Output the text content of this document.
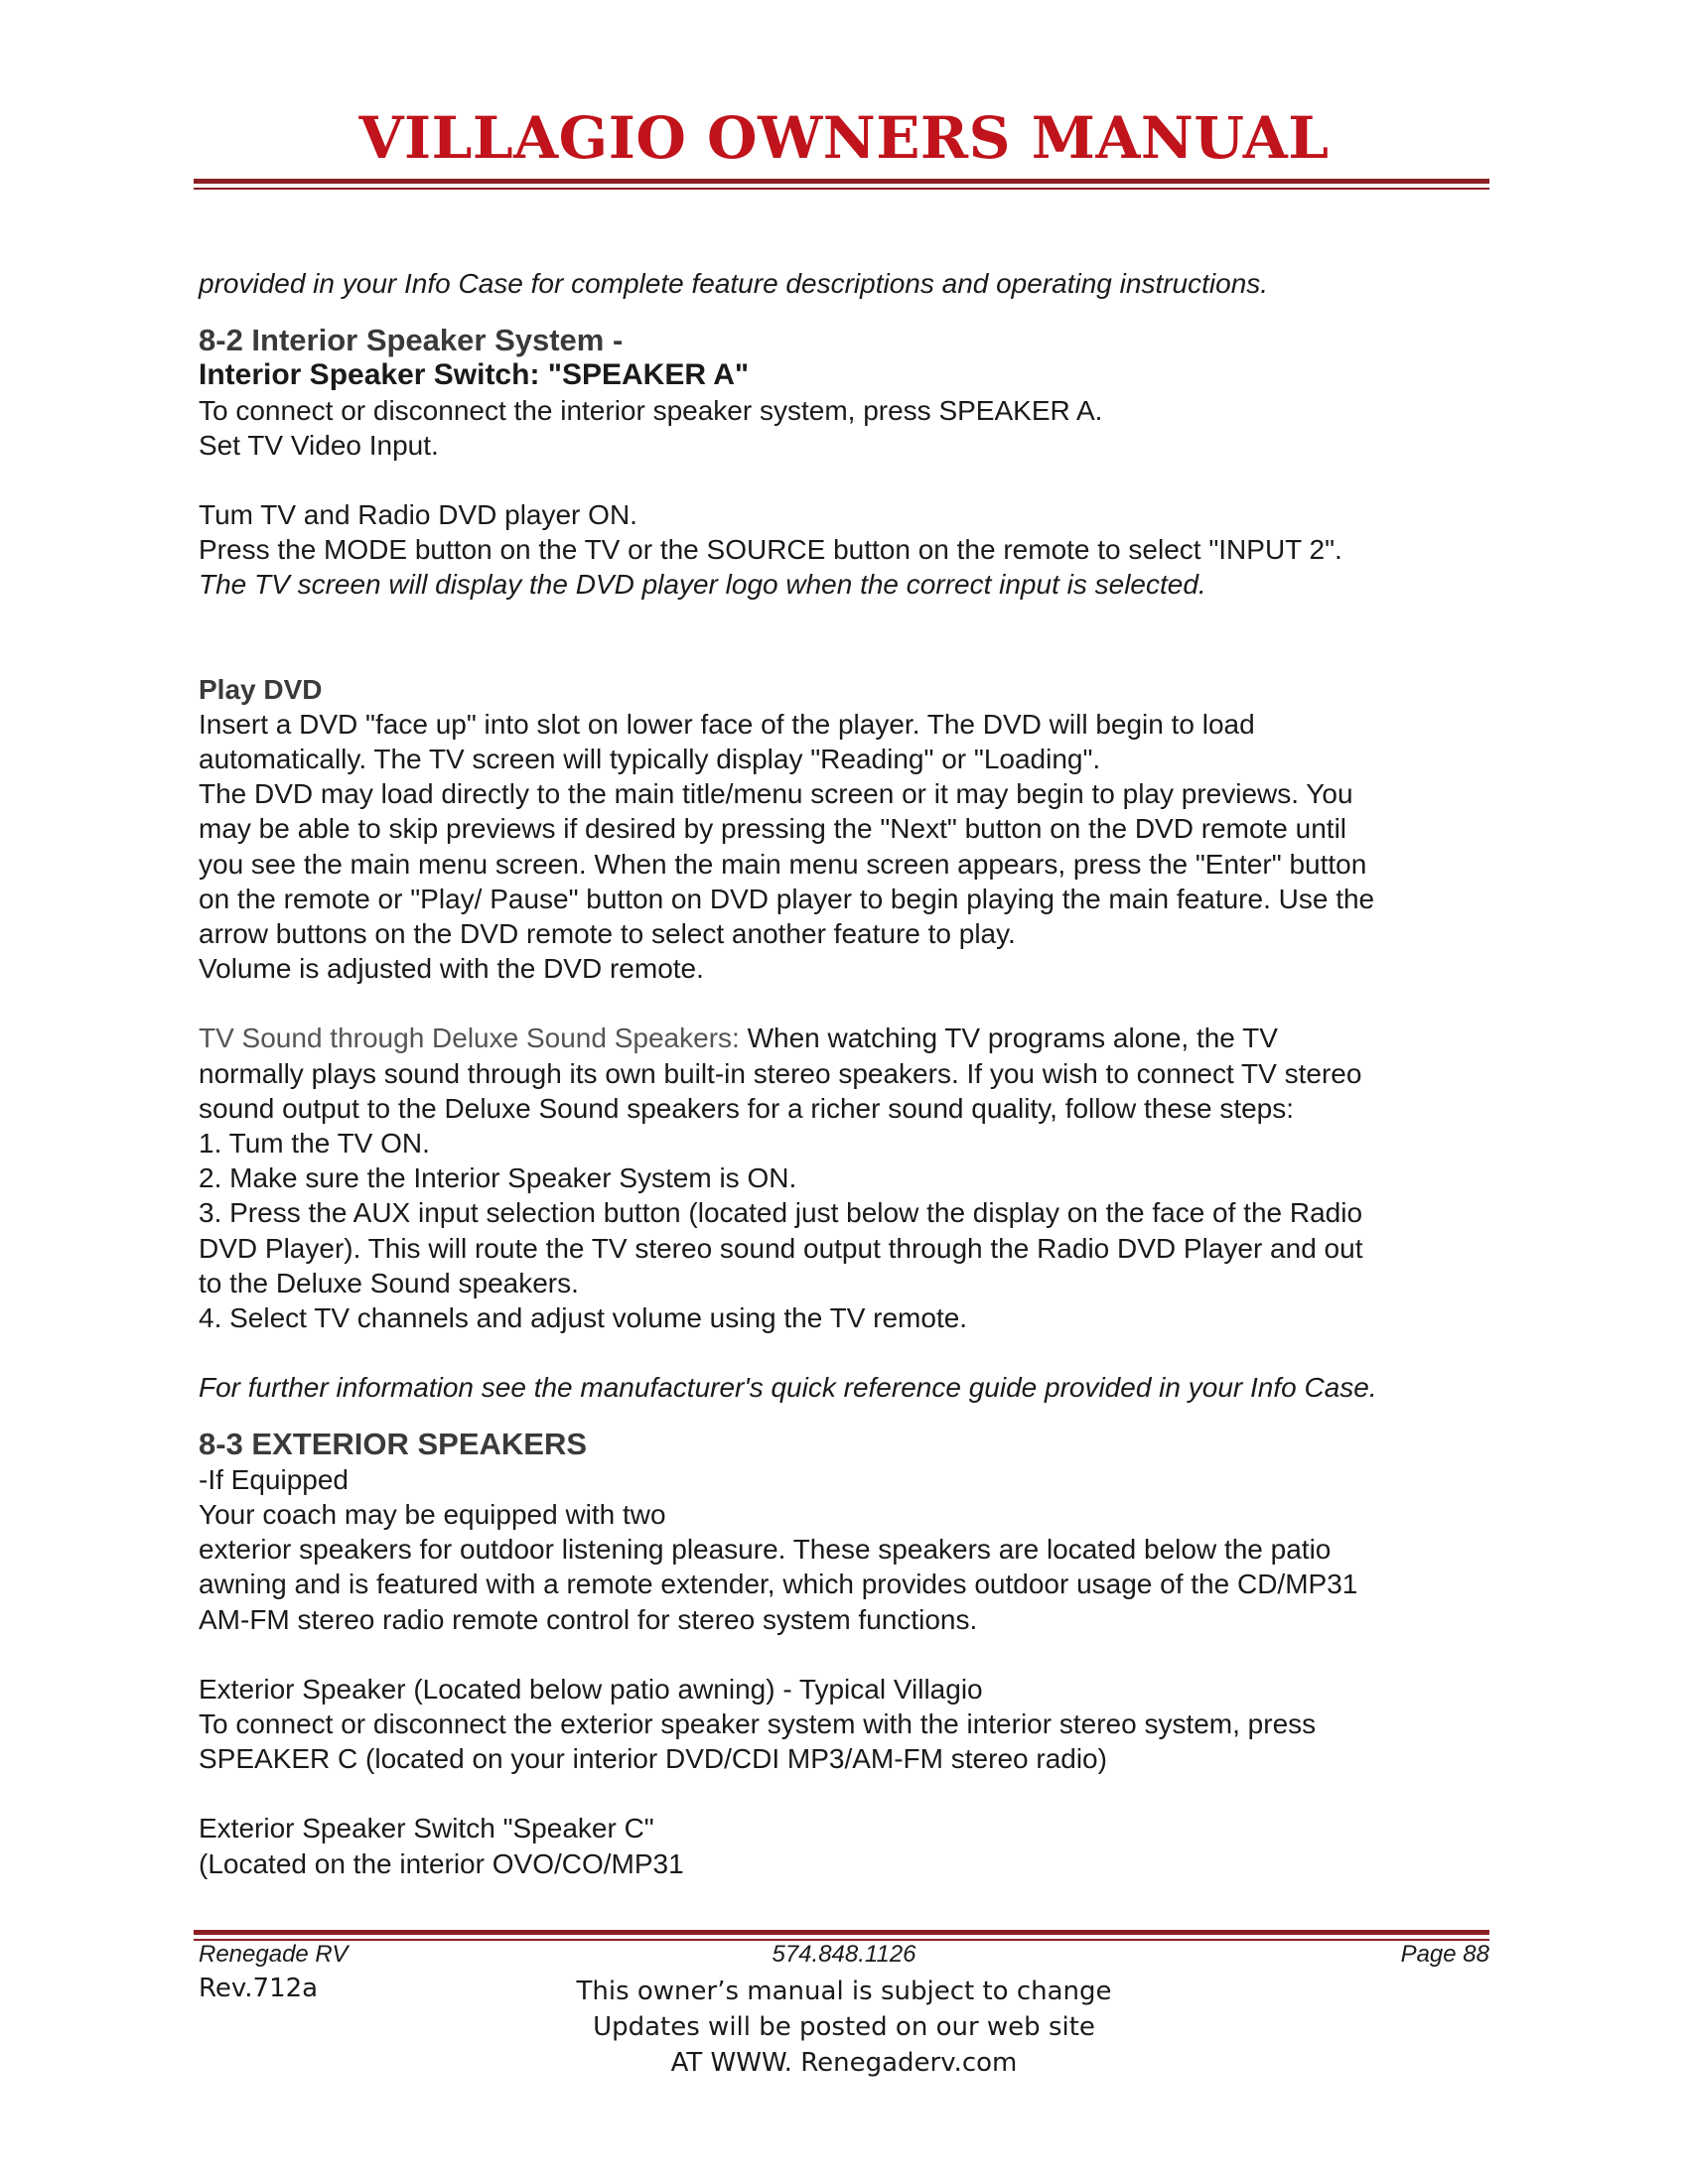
VILLAGIO OWNERS MANUAL

provided in your Info Case for complete feature descriptions and operating instructions.

8-2 Interior Speaker System -

Interior Speaker Switch: "SPEAKER A"

To connect or disconnect the interior speaker system, press SPEAKER A.

Set TV Video Input.

Tum TV and Radio DVD player ON.

Press the MODE button on the TV or the SOURCE button on the remote to select "INPUT 2".

The TV screen will display the DVD player logo when the correct input is selected.

Play DVD

Insert a DVD "face up" into slot on lower face of the player. The DVD will begin to load

automatically. The TV screen will typically display "Reading" or "Loading".

The DVD may load directly to the main title/menu screen or it may begin to play previews. You

may be able to skip previews if desired by pressing the "Next" button on the DVD remote until

you see the main menu screen. When the main menu screen appears, press the "Enter" button

on the remote or "Play/ Pause" button on DVD player to begin playing the main feature. Use the

arrow buttons on the DVD remote to select another feature to play.

Volume is adjusted with the DVD remote.

TV Sound through Deluxe Sound Speakers: When watching TV programs alone, the TV

normally plays sound through its own built-in stereo speakers. If you wish to connect TV stereo

sound output to the Deluxe Sound speakers for a richer sound quality, follow these steps:

1. Tum the TV ON.

2. Make sure the Interior Speaker System is ON.

3. Press the AUX input selection button (located just below the display on the face of the Radio

DVD Player). This will route the TV stereo sound output through the Radio DVD Player and out

to the Deluxe Sound speakers.

4. Select TV channels and adjust volume using the TV remote.

For further information see the manufacturer's quick reference guide provided in your Info Case.

8-3 EXTERIOR SPEAKERS

-If Equipped

Your coach may be equipped with two

exterior speakers for outdoor listening pleasure. These speakers are located below the patio

awning and is featured with a remote extender, which provides outdoor usage of the CD/MP31

AM-FM stereo radio remote control for stereo system functions.

Exterior Speaker (Located below patio awning) - Typical Villagio

To connect or disconnect the exterior speaker system with the interior stereo system, press

SPEAKER C (located on your interior DVD/CDI MP3/AM-FM stereo radio)

Exterior Speaker Switch "Speaker C"

(Located on the interior OVO/CO/MP31

Renegade RV	574.848.1126	Page 88
This owner’s manual is subject to change
Updates will be posted on our web site
AT WWW. Renegaderv.com
Rev.712a
